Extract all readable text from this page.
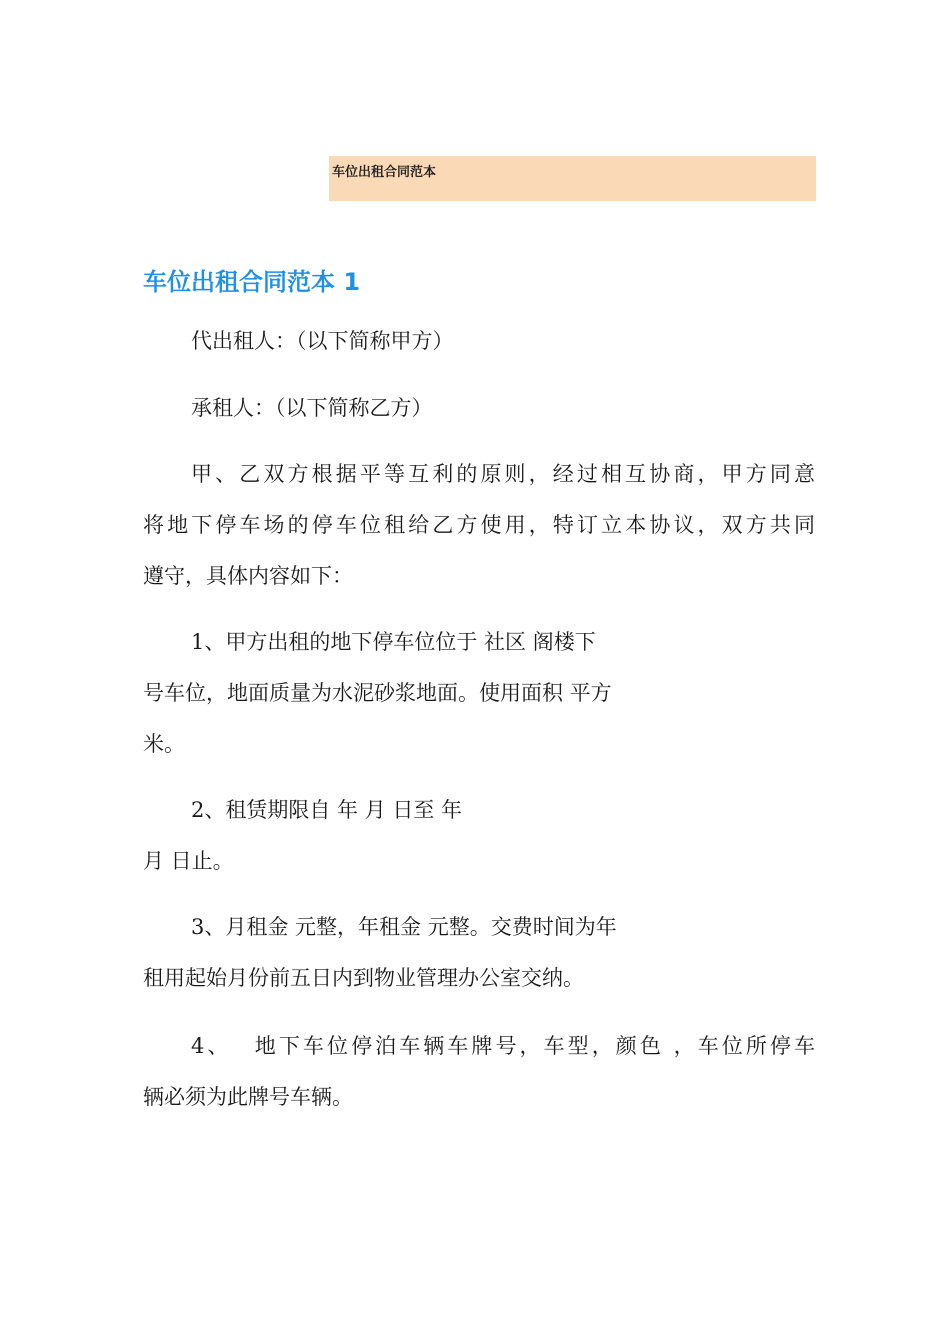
车位出租合同范本
车位出租合同范本 1
代出租人：（以下简称甲方）
承租人：（以下简称乙方）
甲、乙双方根据平等互利的原则，经过相互协商，甲方同意
将地下停车场的停车位租给乙方使用，特订立本协议，双方共同
遵守，具体内容如下：
1、甲方出租的地下停车位位于 社区 阁楼下
号车位，地面质量为水泥砂浆地面。使用面积 平方
米。
2、租赁期限自 年 月 日至 年
月 日止。
3、月租金 元整，年租金 元整。交费时间为年
租用起始月份前五日内到物业管理办公室交纳。
4、　 地下车位停泊车辆车牌号，车型，颜色 ，车位所停车
辆必须为此牌号车辆。
